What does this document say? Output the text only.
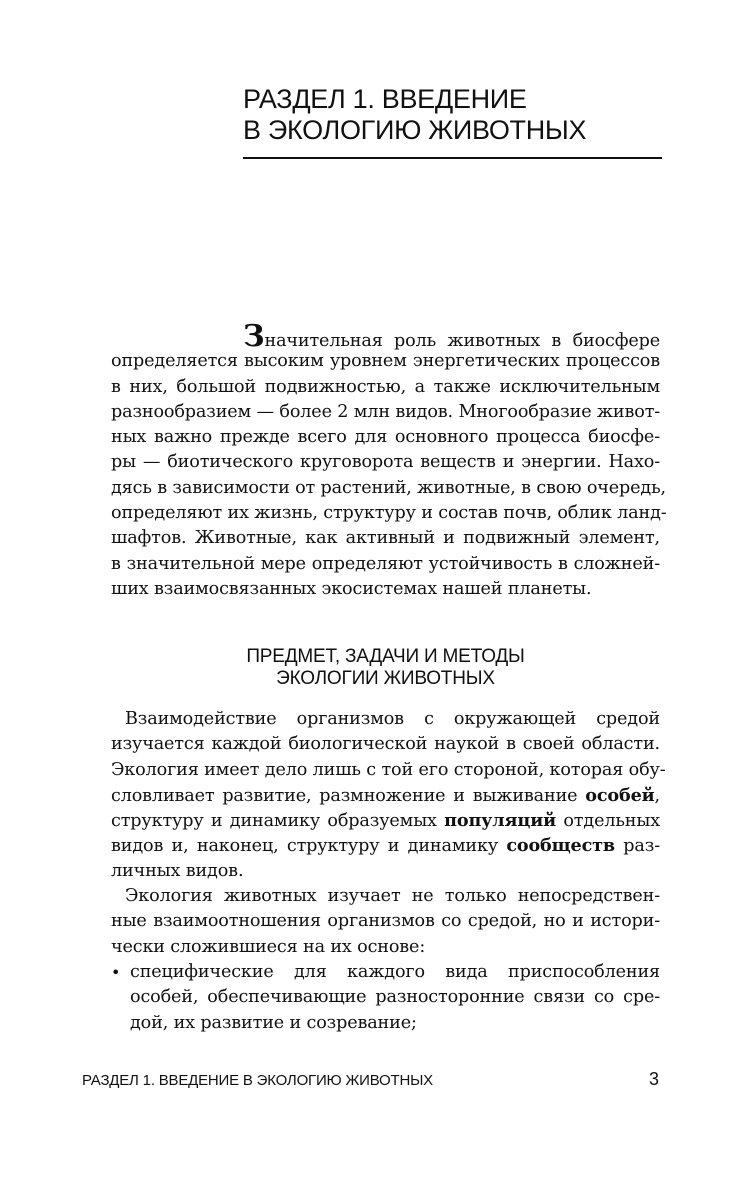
РАЗДЕЛ 1. ВВЕДЕНИЕ
В ЭКОЛОГИЮ ЖИВОТНЫХ
Значительная роль животных в биосфере
определяется высоким уровнем энергетических процессов
в них, большой подвижностью, а также исключительным
разнообразием — более 2 млн видов. Многообразие живот-
ных важно прежде всего для основного процесса биосфе-
ры — биотического круговорота веществ и энергии. Нахо-
дясь в зависимости от растений, животные, в свою очередь,
определяют их жизнь, структуру и состав почв, облик ланд-
шафтов. Животные, как активный и подвижный элемент,
в значительной мере определяют устойчивость в сложней-
ших взаимосвязанных экосистемах нашей планеты.
ПРЕДМЕТ, ЗАДАЧИ И МЕТОДЫ
ЭКОЛОГИИ ЖИВОТНЫХ
Взаимодействие организмов с окружающей средой
изучается каждой биологической наукой в своей области.
Экология имеет дело лишь с той его стороной, которая обу-
словливает развитие, размножение и выживание особей,
структуру и динамику образуемых популяций отдельных
видов и, наконец, структуру и динамику сообществ раз-
личных видов.
Экология животных изучает не только непосредствен-
ные взаимоотношения организмов со средой, но и истори-
чески сложившиеся на их основе:
• специфические для каждого вида приспособления
особей, обеспечивающие разносторонние связи со сре-
дой, их развитие и созревание;
РАЗДЕЛ 1. ВВЕДЕНИЕ В ЭКОЛОГИЮ ЖИВОТНЫХ	3
